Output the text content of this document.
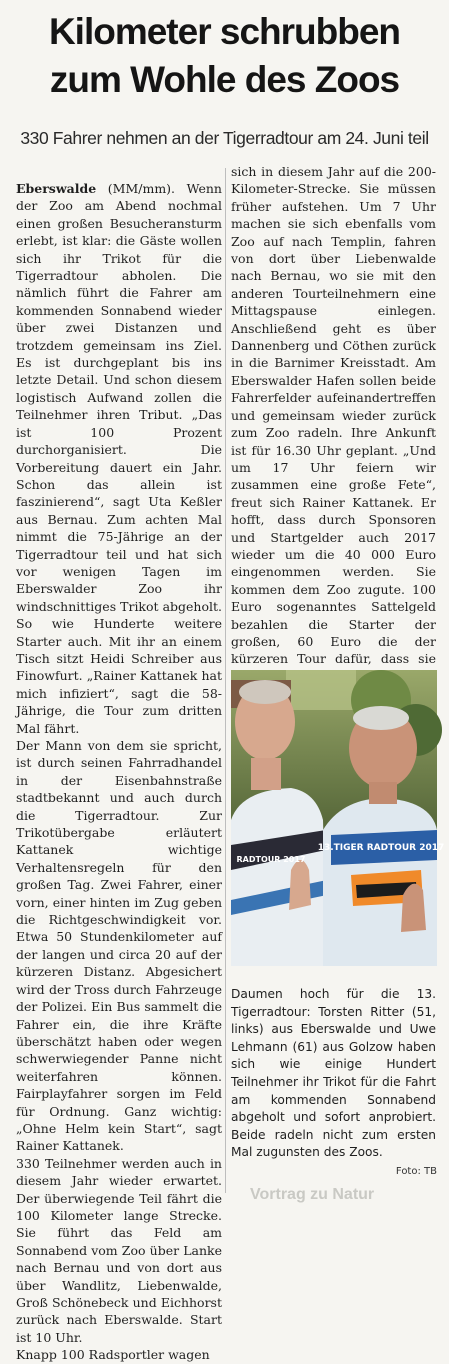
Kilometer schrubben
zum Wohle des Zoos
330 Fahrer nehmen an der Tigerradtour am 24. Juni teil

Eberswalde (MM/mm). Wenn der Zoo am Abend nochmal einen großen Besucheransturm erlebt, ist klar: die Gäste wollen sich ihr Trikot für die Tigerradtour abholen. Die nämlich führt die Fahrer am kommenden Sonnabend wieder über zwei Distanzen und trotzdem gemeinsam ins Ziel. Es ist durchgeplant bis ins letzte Detail. Und schon diesem logistisch Aufwand zollen die Teilnehmer ihren Tribut. „Das ist 100 Prozent durchorganisiert. Die Vorbereitung dauert ein Jahr. Schon das allein ist faszinierend“, sagt Uta Keßler aus Bernau. Zum achten Mal nimmt die 75-Jährige an der Tigerradtour teil und hat sich vor wenigen Tagen im Eberswalder Zoo ihr windschnittiges Trikot abgeholt. So wie Hunderte weitere Starter auch. Mit ihr an einem Tisch sitzt Heidi Schreiber aus Finowfurt. „Rainer Kattanek hat mich infiziert“, sagt die 58-Jährige, die Tour zum dritten Mal fährt.

Der Mann von dem sie spricht, ist durch seinen Fahrradhandel in der Eisenbahnstraße stadtbekannt und auch durch die Tigerradtour. Zur Trikotübergabe erläutert Kattanek wichtige Verhaltensregeln für den großen Tag. Zwei Fahrer, einer vorn, einer hinten im Zug geben die Richtgeschwindigkeit vor. Etwa 50 Stundenkilometer auf der langen und circa 20 auf der kürzeren Distanz. Abgesichert wird der Tross durch Fahrzeuge der Polizei. Ein Bus sammelt die Fahrer ein, die ihre Kräfte überschätzt haben oder wegen schwerwiegender Panne nicht weiterfahren können. Fairplayfahrer sorgen im Feld für Ordnung. Ganz wichtig: „Ohne Helm kein Start“, sagt Rainer Kattanek.

330 Teilnehmer werden auch in diesem Jahr wieder erwartet. Der überwiegende Teil fährt die 100 Kilometer lange Strecke. Sie führt das Feld am Sonnabend vom Zoo über Lanke nach Bernau und von dort aus über Wandlitz, Liebenwalde, Groß Schönebeck und Eichhorst zurück nach Eberswalde. Start ist 10 Uhr.

Knapp 100 Radsportler wagen

sich in diesem Jahr auf die 200-Kilometer-Strecke. Sie müssen früher aufstehen. Um 7 Uhr machen sie sich ebenfalls vom Zoo auf nach Templin, fahren von dort über Liebenwalde nach Bernau, wo sie mit den anderen Tourteilnehmern eine Mittagspause einlegen. Anschließend geht es über Dannenberg und Cöthen zurück in die Barnimer Kreisstadt. Am Eberswalder Hafen sollen beide Fahrerfelder aufeinandertreffen und gemeinsam wieder zurück zum Zoo radeln. Ihre Ankunft ist für 16.30 Uhr geplant. „Und um 17 Uhr feiern wir zusammen eine große Fete“, freut sich Rainer Kattanek. Er hofft, dass durch Sponsoren und Startgelder auch 2017 wieder um die 40 000 Euro eingenommen werden. Sie kommen dem Zoo zugute. 100 Euro sogenanntes Sattelgeld bezahlen die Starter der großen, 60 Euro die der kürzeren Tour dafür, dass sie

13.TIGER RADTOUR 2017
RADTOUR 2017

Daumen hoch für die 13. Tigerradtour: Torsten Ritter (51, links) aus Eberswalde und Uwe Lehmann (61) aus Golzow haben sich wie einige Hundert Teilnehmer ihr Trikot für die Fahrt am kommenden Sonnabend abgeholt und sofort anprobiert. Beide radeln nicht zum ersten Mal zugunsten des Zoos.

Foto: TB
Vortrag zu Natur
